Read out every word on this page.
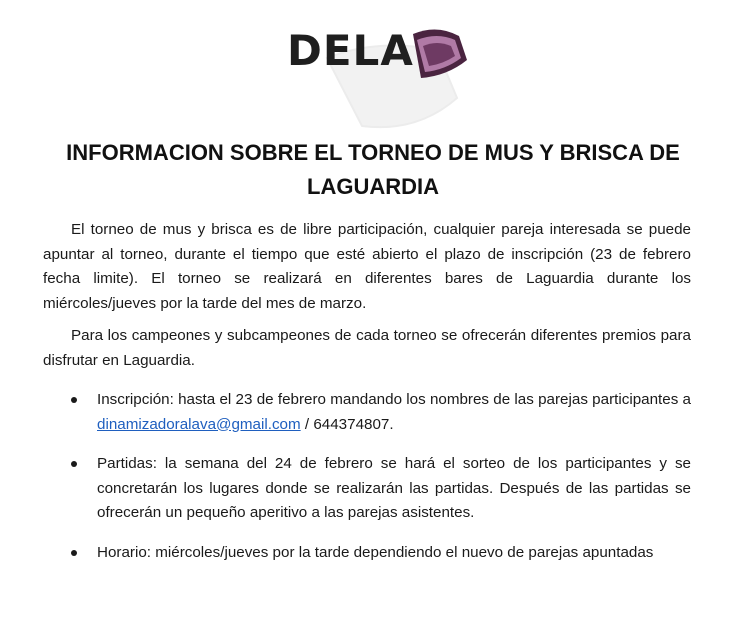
DELA
INFORMACION SOBRE EL TORNEO DE MUS Y BRISCA DE LAGUARDIA

El torneo de mus y brisca es de libre participación, cualquier pareja interesada se puede apuntar al torneo, durante el tiempo que esté abierto el plazo de inscripción (23 de febrero fecha limite). El torneo se realizará en diferentes bares de Laguardia durante los miércoles/jueves por la tarde del mes de marzo.

Para los campeones y subcampeones de cada torneo se ofrecerán diferentes premios para disfrutar en Laguardia.

Inscripción: hasta el 23 de febrero mandando los nombres de las parejas participantes a dinamizadoralava@gmail.com / 644374807.
Partidas: la semana del 24 de febrero se hará el sorteo de los participantes y se concretarán los lugares donde se realizarán las partidas. Después de las partidas se ofrecerán un pequeño aperitivo a las parejas asistentes.
Horario: miércoles/jueves por la tarde dependiendo el nuevo de parejas apuntadas
